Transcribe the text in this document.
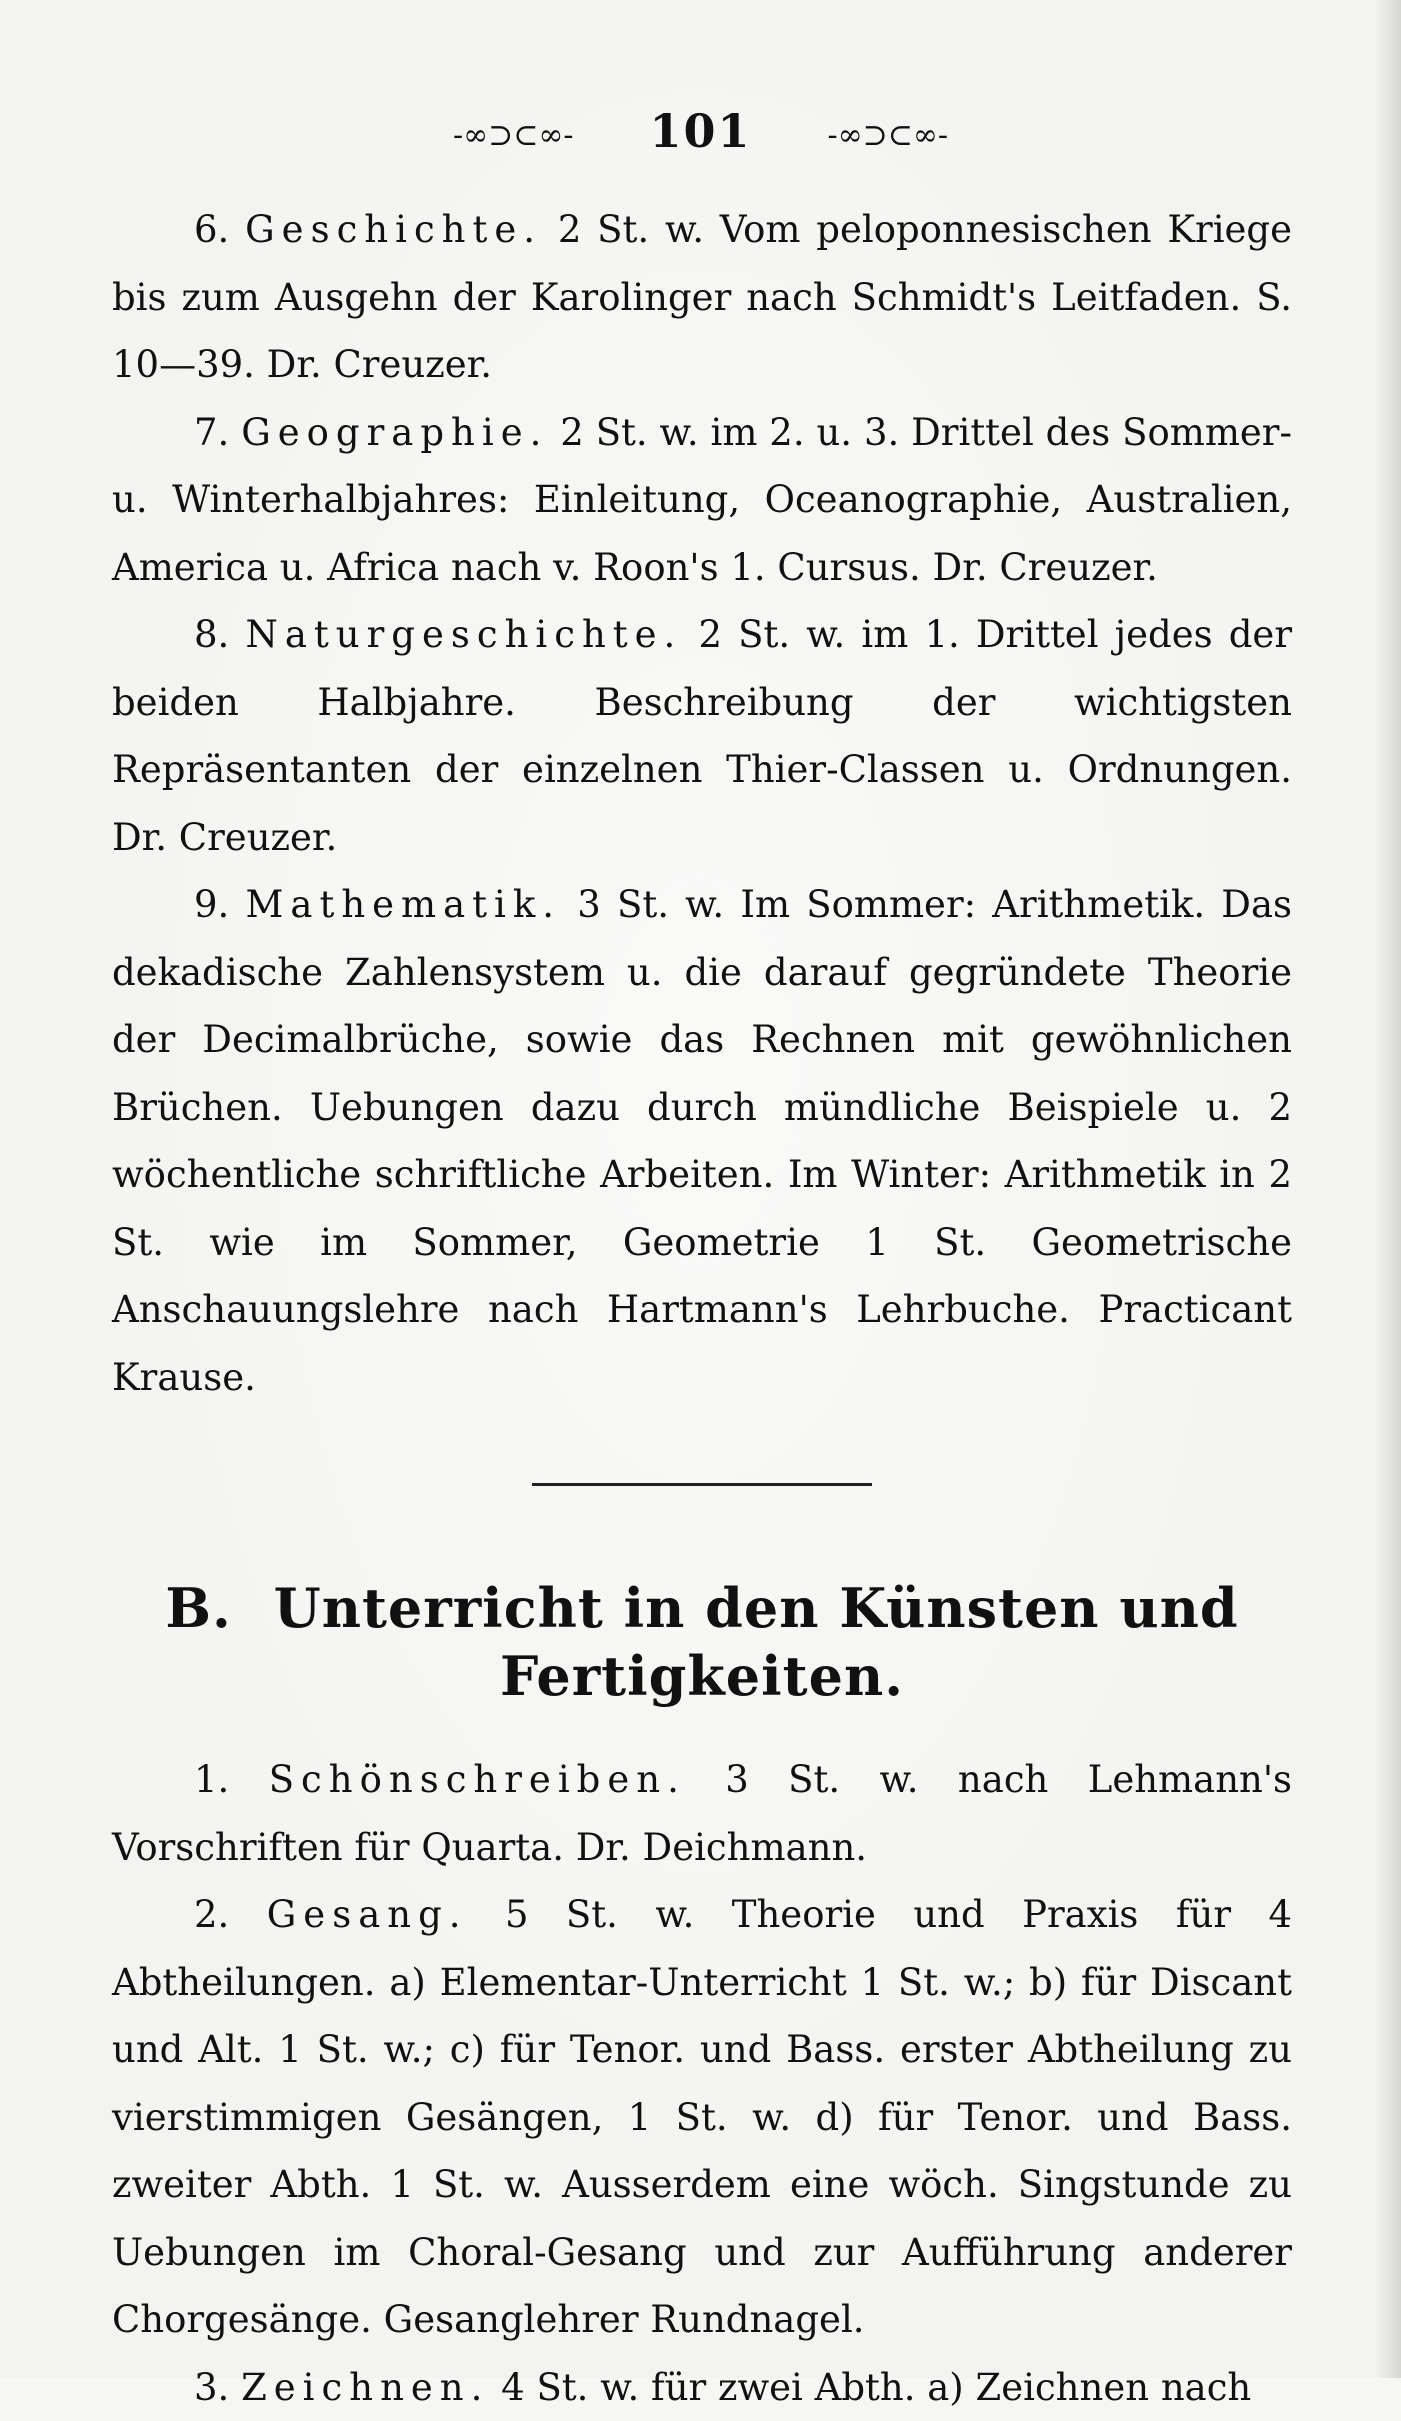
-∞⊃⊂∞- 101	-∞⊃⊂∞-

6. Geschichte. 2 St. w. Vom peloponnesischen Kriege bis zum Ausgehn der Karolinger nach Schmidt's Leitfaden. S. 10—39. Dr. Creuzer.

7. Geographie. 2 St. w. im 2. u. 3. Drittel des Sommer- u. Winterhalbjahres: Einleitung, Oceanographie, Australien, America u. Africa nach v. Roon's 1. Cursus. Dr. Creuzer.

8. Naturgeschichte. 2 St. w. im 1. Drittel jedes der beiden Halbjahre. Beschreibung der wichtigsten Repräsentanten der einzelnen Thier-Classen u. Ordnungen. Dr. Creuzer.

9. Mathematik. 3 St. w. Im Sommer: Arithmetik. Das dekadische Zahlensystem u. die darauf gegründete Theorie der Decimalbrüche, sowie das Rechnen mit gewöhnlichen Brüchen. Uebungen dazu durch mündliche Beispiele u. 2 wöchentliche schriftliche Arbeiten. Im Winter: Arithmetik in 2 St. wie im Sommer, Geometrie 1 St. Geometrische Anschauungslehre nach Hartmann's Lehrbuche. Practicant Krause.

B. Unterricht in den Künsten und Fertigkeiten.

1. Schönschreiben. 3 St. w. nach Lehmann's Vorschriften für Quarta. Dr. Deichmann.

2. Gesang. 5 St. w. Theorie und Praxis für 4 Abtheilungen. a) Elementar-Unterricht 1 St. w.; b) für Discant und Alt. 1 St. w.; c) für Tenor. und Bass. erster Abtheilung zu vierstimmigen Gesängen, 1 St. w. d) für Tenor. und Bass. zweiter Abth. 1 St. w. Ausserdem eine wöch. Singstunde zu Uebungen im Choral-Gesang und zur Aufführung anderer Chorgesänge. Gesanglehrer Rundnagel.

3. Zeichnen. 4 St. w. für zwei Abth. a) Zeichnen nach
